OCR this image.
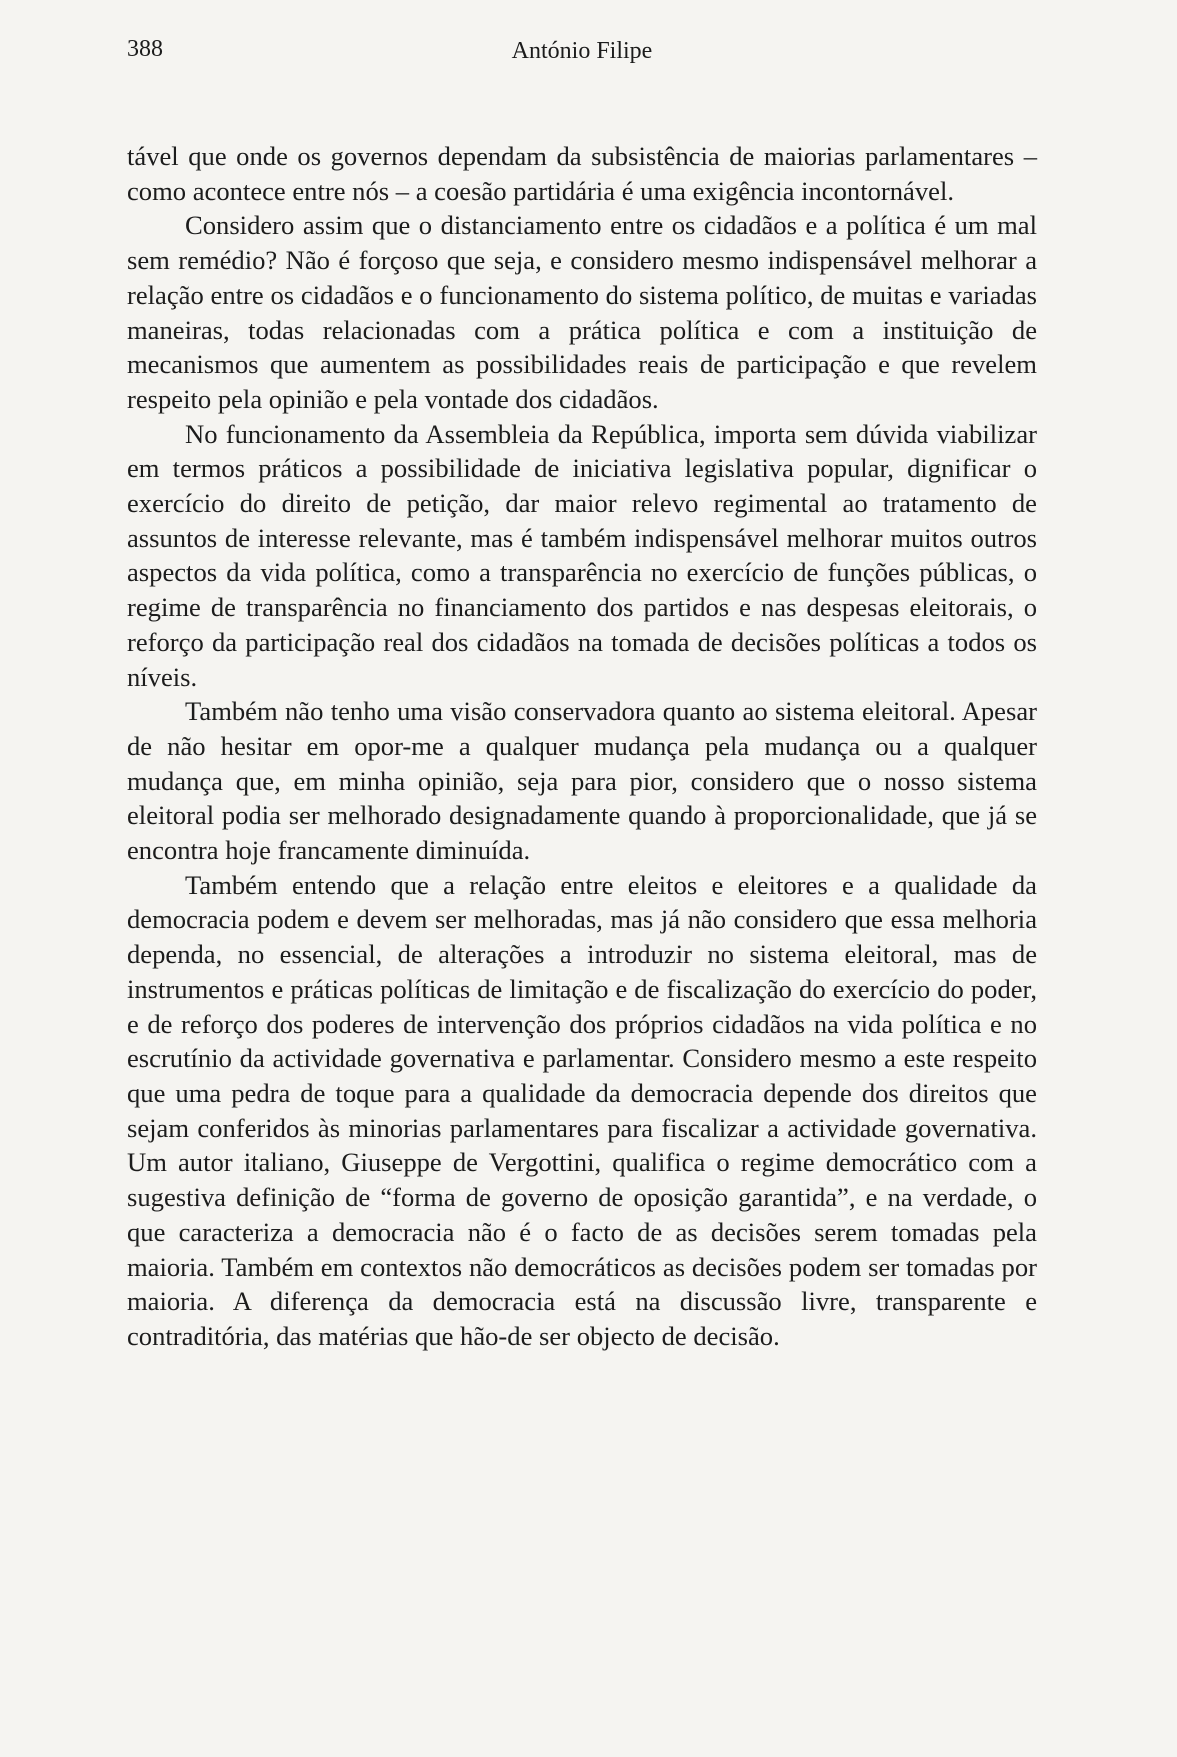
388	António Filipe

tável que onde os governos dependam da subsistência de maiorias parlamentares – como acontece entre nós – a coesão partidária é uma exigência incontornável.

Considero assim que o distanciamento entre os cidadãos e a política é um mal sem remédio? Não é forçoso que seja, e considero mesmo indispensável melhorar a relação entre os cidadãos e o funcionamento do sistema político, de muitas e variadas maneiras, todas relacionadas com a prática política e com a instituição de mecanismos que aumentem as possibilidades reais de participação e que revelem respeito pela opinião e pela vontade dos cidadãos.

No funcionamento da Assembleia da República, importa sem dúvida viabilizar em termos práticos a possibilidade de iniciativa legislativa popular, dignificar o exercício do direito de petição, dar maior relevo regimental ao tratamento de assuntos de interesse relevante, mas é também indispensável melhorar muitos outros aspectos da vida política, como a transparência no exercício de funções públicas, o regime de transparência no financiamento dos partidos e nas despesas eleitorais, o reforço da participação real dos cidadãos na tomada de decisões políticas a todos os níveis.

Também não tenho uma visão conservadora quanto ao sistema eleitoral. Apesar de não hesitar em opor-me a qualquer mudança pela mudança ou a qualquer mudança que, em minha opinião, seja para pior, considero que o nosso sistema eleitoral podia ser melhorado designadamente quando à proporcionalidade, que já se encontra hoje francamente diminuída.

Também entendo que a relação entre eleitos e eleitores e a qualidade da democracia podem e devem ser melhoradas, mas já não considero que essa melhoria dependa, no essencial, de alterações a introduzir no sistema eleitoral, mas de instrumentos e práticas políticas de limitação e de fiscalização do exercício do poder, e de reforço dos poderes de intervenção dos próprios cidadãos na vida política e no escrutínio da actividade governativa e parlamentar. Considero mesmo a este respeito que uma pedra de toque para a qualidade da democracia depende dos direitos que sejam conferidos às minorias parlamentares para fiscalizar a actividade governativa. Um autor italiano, Giuseppe de Vergottini, qualifica o regime democrático com a sugestiva definição de “forma de governo de oposição garantida”, e na verdade, o que caracteriza a democracia não é o facto de as decisões serem tomadas pela maioria. Também em contextos não democráticos as decisões podem ser tomadas por maioria. A diferença da democracia está na discussão livre, transparente e contraditória, das matérias que hão-de ser objecto de decisão.
